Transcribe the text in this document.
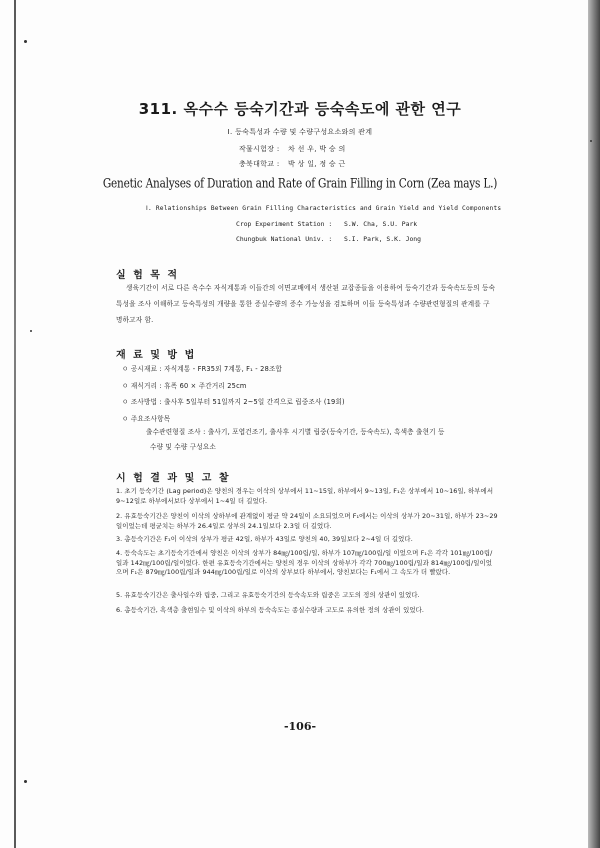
311. 옥수수 등숙기간과 등숙속도에 관한 연구
Ⅰ. 등숙특성과 수량 및 수량구성요소와의 관계
작물시험장 : 차 선 우, 박 승 의
충북대학교 : 박 상 일, 정 승 근
Genetic Analyses of Duration and Rate of Grain Filling in Corn (Zea mays L.)
Ⅰ. Relationships Between Grain Filling Characteristics and Grain Yield and Yield Components
Crop Experiment Station : S.W. Cha, S.U. Park
Chungbuk National Univ. : S.I. Park, S.K. Jong
실 험 목 적
생육기간이 서로 다른 옥수수 자식계통과 이들간의 이면교배에서 생산된 교잡종들을 이용하여 등숙기간과 등숙속도등의 등숙특성을 조사 이해하고 등숙특성의 개량을 통한 증실수량의 증수 가능성을 검토하며 이들 등숙특성과 수량관련형질의 관계를 구명하고자 함.
재 료 및 방 법
ㅇ 공시재료 : 자식계통 - FR35외 7계통, F₁ - 28조합
ㅇ 재식거리 : 휴폭 60 × 주간거리 25cm
ㅇ 조사방법 : 출사후 5일부터 51일까지 2~5일 간격으로 립중조사 (19회)
ㅇ 주요조사항목
출수관련형질 조사 : 출사기, 포엽건조기, 출사후 시기별 립중(등숙기간, 등숙속도), 흑색층 출현기 등
수량 및 수량 구성요소
시 험 결 과 및 고 찰
1. 초기 등숙기간 (Lag period)은 양친의 경우는 이삭의 상부에서 11~15일, 하부에서 9~13일, F₁은 상부에서 10~16일, 하부에서 9~12일로 하부에서보다 상부에서 1~4일 더 길었다.
2. 유효등숙기간은 양친이 이삭의 상하부에 관계없이 평균 약 24일이 소요되었으며 F₁에서는 이삭의 상부가 20~31일, 하부가 23~29일이었는데 평균치는 하부가 26.4일로 상부의 24.1일보다 2.3일 더 길었다.
3. 총등숙기간은 F₁이 이삭의 상부가 평균 42일, 하부가 43일로 양친의 40, 39일보다 2~4일 더 길었다.
4. 등숙속도는 초기등숙기간에서 양친은 이삭의 상부가 84㎎/100립/일, 하부가 107㎎/100립/일 이었으며 F₁은 각각 101㎎/100립/일과 142㎎/100립/일이었다. 한편 유효등숙기간에서는 양친의 경우 이삭의 상하부가 각각 700㎎/100립/일과 814㎎/100립/일이었으며 F₁은 879㎎/100립/일과 944㎎/100립/일로 이삭의 상부보다 하부에서, 양친보다는 F₁에서 그 속도가 더 빨랐다.
5. 유효등숙기간은 출사일수와 립중, 그리고 유효등숙기간의 등숙속도와 립중은 고도의 정의 상관이 있었다.
6. 총등숙기간, 흑색층 출현일수 및 이삭의 하부의 등숙속도는 종실수량과 고도로 유의한 정의 상관이 있었다.
-106-
